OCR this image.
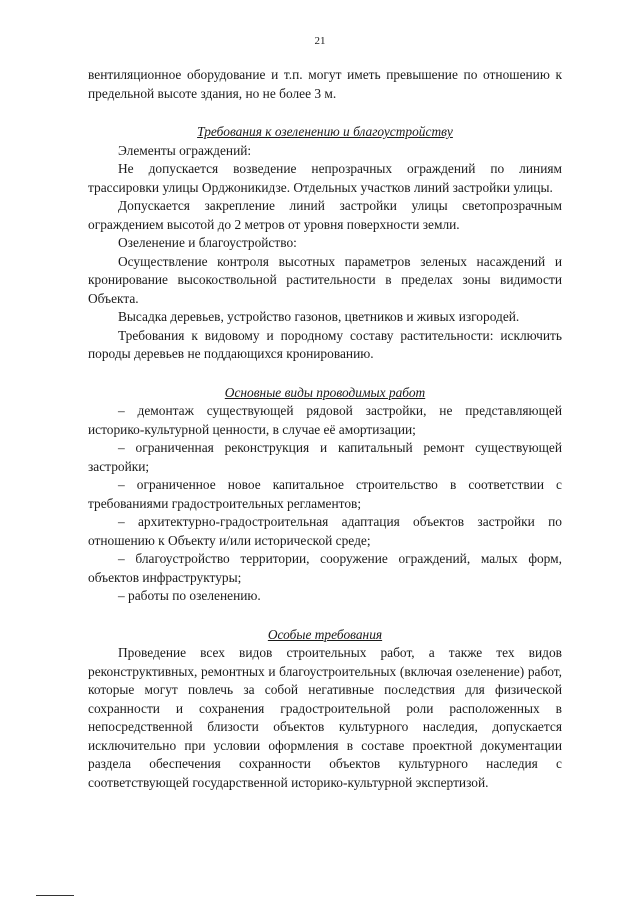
21

вентиляционное оборудование и т.п. могут иметь превышение по отношению к предельной высоте здания, но не более 3 м.

Требования к озеленению и благоустройству

Элементы ограждений:

Не допускается возведение непрозрачных ограждений по линиям трассировки улицы Орджоникидзе. Отдельных участков линий застройки улицы.

Допускается закрепление линий застройки улицы светопрозрачным ограждением высотой до 2 метров от уровня поверхности земли.

Озеленение и благоустройство:

Осуществление контроля высотных параметров зеленых насаждений и кронирование высокоствольной растительности в пределах зоны видимости Объекта.

Высадка деревьев, устройство газонов, цветников и живых изгородей.

Требования к видовому и породному составу растительности: исключить породы деревьев не поддающихся кронированию.

Основные виды проводимых работ

– демонтаж существующей рядовой застройки, не представляющей историко-культурной ценности, в случае её амортизации;

– ограниченная реконструкция и капитальный ремонт существующей застройки;

– ограниченное новое капитальное строительство в соответствии с требованиями градостроительных регламентов;

– архитектурно-градостроительная адаптация объектов застройки по отношению к Объекту и/или исторической среде;

– благоустройство территории, сооружение ограждений, малых форм, объектов инфраструктуры;

– работы по озеленению.

Особые требования

Проведение всех видов строительных работ, а также тех видов реконструктивных, ремонтных и благоустроительных (включая озеленение) работ, которые могут повлечь за собой негативные последствия для физической сохранности и сохранения градостроительной роли расположенных в непосредственной близости объектов культурного наследия, допускается исключительно при условии оформления в составе проектной документации раздела обеспечения сохранности объектов культурного наследия с соответствующей государственной историко-культурной экспертизой.
